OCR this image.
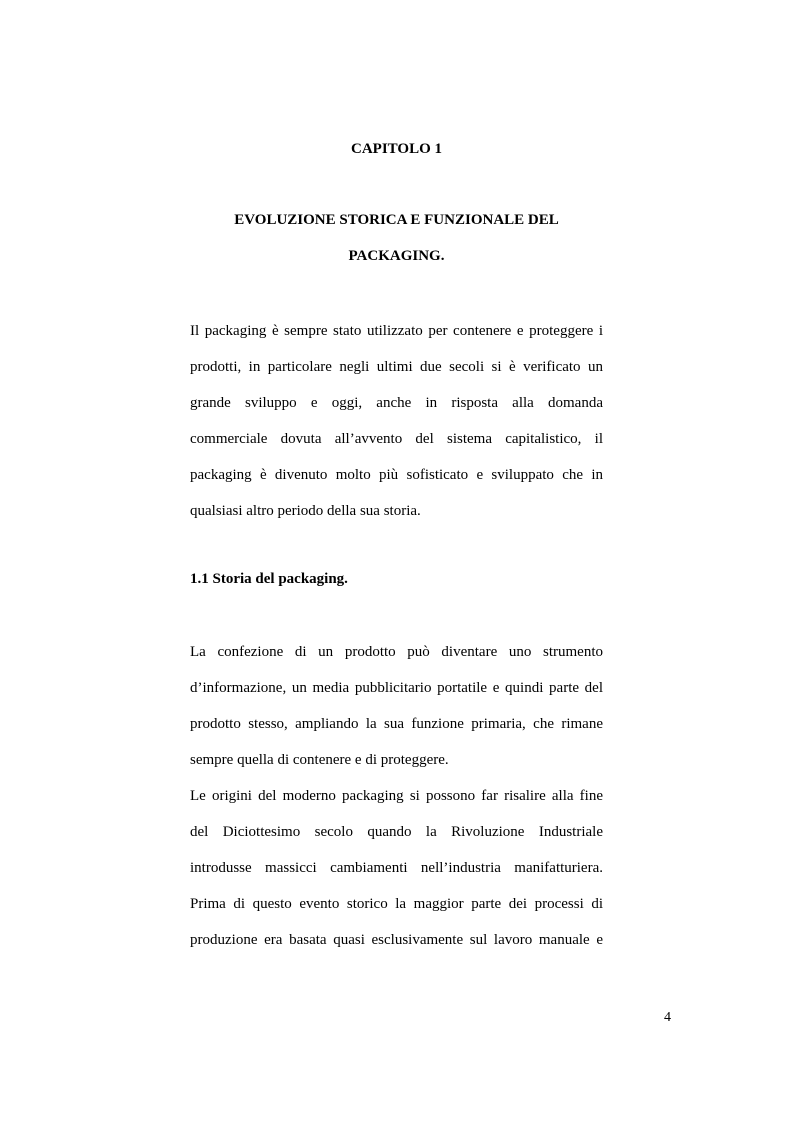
CAPITOLO 1
EVOLUZIONE STORICA E FUNZIONALE DEL
PACKAGING.
Il packaging è sempre stato utilizzato per contenere e proteggere i
prodotti, in particolare negli ultimi due secoli si è verificato un
grande sviluppo e oggi, anche in risposta alla domanda
commerciale dovuta all’avvento del sistema capitalistico, il
packaging è divenuto molto più sofisticato e sviluppato che in
qualsiasi altro periodo della sua storia.
1.1 Storia del packaging.
La confezione di un prodotto può diventare uno strumento
d’informazione, un media pubblicitario portatile e quindi parte del
prodotto stesso, ampliando la sua funzione primaria, che rimane
sempre quella di contenere e di proteggere.
Le origini del moderno packaging si possono far risalire alla fine
del Diciottesimo secolo quando la Rivoluzione Industriale
introdusse massicci cambiamenti nell’industria manifatturiera.
Prima di questo evento storico la maggior parte dei processi di
produzione era basata quasi esclusivamente sul lavoro manuale e

4
